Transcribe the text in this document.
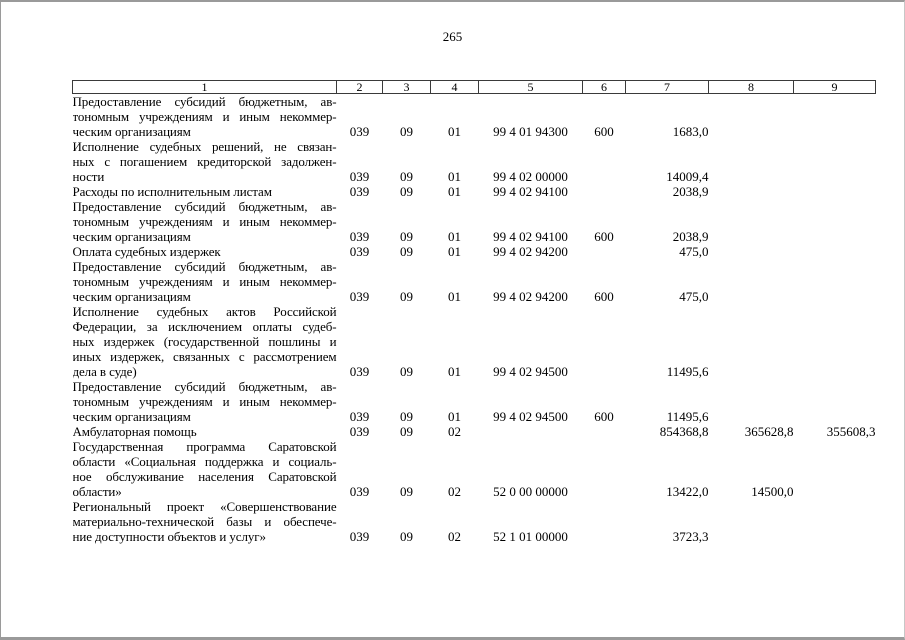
265
1	2	3	4	5	6	7	8	9

Предоставление субсидий бюджетным, ав-
тономным учреждениям и иным некоммер-
ческим организациям	039	09	01	99 4 01 94300	600	1683,0		

Исполнение судебных решений, не связан-
ных с погашением кредиторской задолжен-
ности	039	09	01	99 4 02 00000		14009,4		

Расходы по исполнительным листам	039	09	01	99 4 02 94100		2038,9		

Предоставление субсидий бюджетным, ав-
тономным учреждениям и иным некоммер-
ческим организациям	039	09	01	99 4 02 94100	600	2038,9		

Оплата судебных издержек	039	09	01	99 4 02 94200		475,0		

Предоставление субсидий бюджетным, ав-
тономным учреждениям и иным некоммер-
ческим организациям	039	09	01	99 4 02 94200	600	475,0		

Исполнение судебных актов Российской
Федерации, за исключением оплаты судеб-
ных издержек (государственной пошлины и
иных издержек, связанных с рассмотрением
дела в суде)	039	09	01	99 4 02 94500		11495,6		

Предоставление субсидий бюджетным, ав-
тономным учреждениям и иным некоммер-
ческим организациям	039	09	01	99 4 02 94500	600	11495,6		

Амбулаторная помощь	039	09	02			854368,8	365628,8	355608,3

Государственная программа Саратовской
области «Социальная поддержка и социаль-
ное обслуживание населения Саратовской
области»	039	09	02	52 0 00 00000		13422,0	14500,0	

Региональный проект «Совершенствование
материально-технической базы и обеспече-
ние доступности объектов и услуг»	039	09	02	52 1 01 00000		3723,3		
